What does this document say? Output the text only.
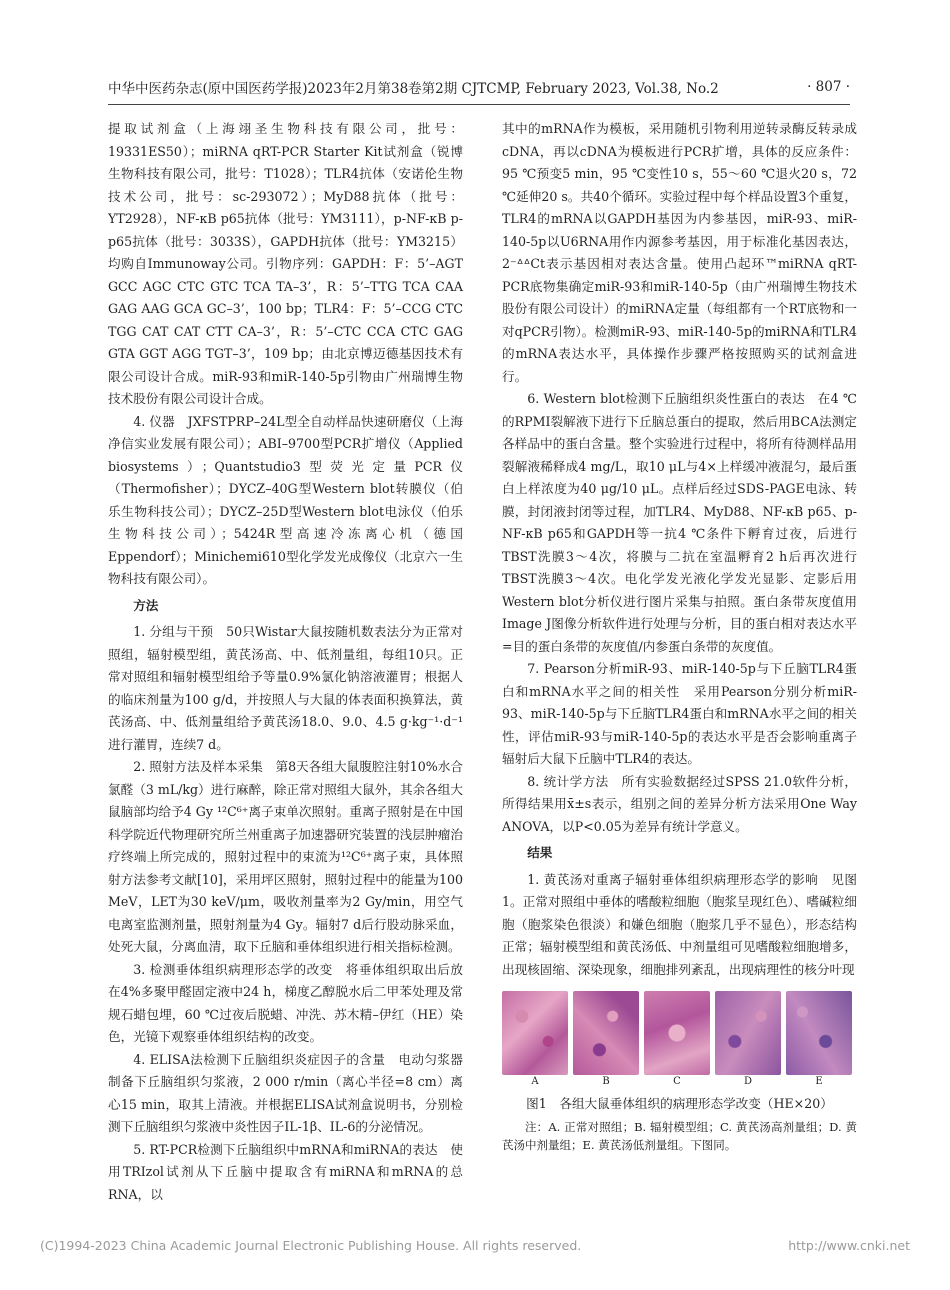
中华中医药杂志(原中国医药学报)2023年2月第38卷第2期 CJTCMP, February 2023, Vol.38, No.2	· 807 ·

提取试剂盒（上海翊圣生物科技有限公司，批号：19331ES50）；miRNA qRT-PCR Starter Kit试剂盒（锐博生物科技有限公司，批号：T1028）；TLR4抗体（安诺伦生物技术公司，批号：sc-293072）；MyD88抗体（批号：YT2928），NF-κB p65抗体（批号：YM3111），p-NF-κB p-p65抗体（批号：3033S），GAPDH抗体（批号：YM3215）均购自Immunoway公司。引物序列：GAPDH：F：5’–AGT GCC AGC CTC GTC TCA TA–3’，R：5’–TTG TCA CAA GAG AAG GCA GC–3’，100 bp；TLR4：F：5’–CCG CTC TGG CAT CAT CTT CA–3’，R：5’–CTC CCA CTC GAG GTA GGT AGG TGT–3’，109 bp；由北京博迈德基因技术有限公司设计合成。miR-93和miR-140-5p引物由广州瑞博生物技术股份有限公司设计合成。

4. 仪器　JXFSTPRP–24L型全自动样品快速研磨仪（上海净信实业发展有限公司）；ABI–9700型PCR扩增仪（Applied biosystems）；Quantstudio3型荧光定量PCR仪（Thermofisher）；DYCZ–40G型Western blot转膜仪（伯乐生物科技公司）；DYCZ–25D型Western blot电泳仪（伯乐生物科技公司）；5424R型高速冷冻离心机（德国Eppendorf）；Minichemi610型化学发光成像仪（北京六一生物科技有限公司）。

方法

1. 分组与干预　50只Wistar大鼠按随机数表法分为正常对照组，辐射模型组，黄芪汤高、中、低剂量组，每组10只。正常对照组和辐射模型组给予等量0.9%氯化钠溶液灌胃；根据人的临床剂量为100 g/d，并按照人与大鼠的体表面积换算法，黄芪汤高、中、低剂量组给予黄芪汤18.0、9.0、4.5 g·kg⁻¹·d⁻¹进行灌胃，连续7 d。

2. 照射方法及样本采集　第8天各组大鼠腹腔注射10%水合氯醛（3 mL/kg）进行麻醉，除正常对照组大鼠外，其余各组大鼠脑部均给予4 Gy ¹²C⁶⁺离子束单次照射。重离子照射是在中国科学院近代物理研究所兰州重离子加速器研究装置的浅层肿瘤治疗终端上所完成的，照射过程中的束流为¹²C⁶⁺离子束，具体照射方法参考文献[10]，采用坪区照射，照射过程中的能量为100 MeV，LET为30 keV/μm，吸收剂量率为2 Gy/min，用空气电离室监测剂量，照射剂量为4 Gy。辐射7 d后行股动脉采血，处死大鼠，分离血清，取下丘脑和垂体组织进行相关指标检测。

3. 检测垂体组织病理形态学的改变　将垂体组织取出后放在4%多聚甲醛固定液中24 h，梯度乙醇脱水后二甲苯处理及常规石蜡包埋，60 ℃过夜后脱蜡、冲洗、苏木精–伊红（HE）染色，光镜下观察垂体组织结构的改变。

4. ELISA法检测下丘脑组织炎症因子的含量　电动匀浆器制备下丘脑组织匀浆液，2 000 r/min（离心半径=8 cm）离心15 min，取其上清液。并根据ELISA试剂盒说明书，分别检测下丘脑组织匀浆液中炎性因子IL-1β、IL-6的分泌情况。

5. RT-PCR检测下丘脑组织中mRNA和miRNA的表达　使用TRIzol试剂从下丘脑中提取含有miRNA和mRNA的总RNA，以

其中的mRNA作为模板，采用随机引物利用逆转录酶反转录成cDNA，再以cDNA为模板进行PCR扩增，具体的反应条件：95 ℃预变5 min，95 ℃变性10 s，55～60 ℃退火20 s，72 ℃延伸20 s。共40个循环。实验过程中每个样品设置3个重复，TLR4的mRNA以GAPDH基因为内参基因，miR-93、miR-140-5p以U6RNA用作内源参考基因，用于标准化基因表达，2⁻ᐞᐞCt表示基因相对表达含量。使用凸起环™miRNA qRT-PCR底物集确定miR-93和miR-140-5p（由广州瑞博生物技术股份有限公司设计）的miRNA定量（每组都有一个RT底物和一对qPCR引物）。检测miR-93、miR-140-5p的miRNA和TLR4的mRNA表达水平，具体操作步骤严格按照购买的试剂盒进行。

6. Western blot检测下丘脑组织炎性蛋白的表达　在4 ℃的RPMI裂解液下进行下丘脑总蛋白的提取，然后用BCA法测定各样品中的蛋白含量。整个实验进行过程中，将所有待测样品用裂解液稀释成4 mg/L，取10 μL与4×上样缓冲液混匀，最后蛋白上样浓度为40 μg/10 μL。点样后经过SDS-PAGE电泳、转膜，封闭液封闭等过程，加TLR4、MyD88、NF-κB p65、p-NF-κB p65和GAPDH等一抗4 ℃条件下孵育过夜，后进行TBST洗膜3～4次，将膜与二抗在室温孵育2 h后再次进行TBST洗膜3～4次。电化学发光液化学发光显影、定影后用Western blot分析仪进行图片采集与拍照。蛋白条带灰度值用Image J图像分析软件进行处理与分析，目的蛋白相对表达水平=目的蛋白条带的灰度值/内参蛋白条带的灰度值。

7. Pearson分析miR-93、miR-140-5p与下丘脑TLR4蛋白和mRNA水平之间的相关性　采用Pearson分别分析miR-93、miR-140-5p与下丘脑TLR4蛋白和mRNA水平之间的相关性，评估miR-93与miR-140-5p的表达水平是否会影响重离子辐射后大鼠下丘脑中TLR4的表达。

8. 统计学方法　所有实验数据经过SPSS 21.0软件分析，所得结果用x̄±s表示，组别之间的差异分析方法采用One Way ANOVA，以P<0.05为差异有统计学意义。

结果

1. 黄芪汤对重离子辐射垂体组织病理形态学的影响　见图1。正常对照组中垂体的嗜酸粒细胞（胞浆呈现红色）、嗜碱粒细胞（胞浆染色很淡）和嫌色细胞（胞浆几乎不显色），形态结构正常；辐射模型组和黄芪汤低、中剂量组可见嗜酸粒细胞增多，出现核固缩、深染现象，细胞排列紊乱，出现病理性的核分叶现

A	B	C	D	E
图1　各组大鼠垂体组织的病理形态学改变（HE×20）
注：A. 正常对照组；B. 辐射模型组；C. 黄芪汤高剂量组；D. 黄芪汤中剂量组；E. 黄芪汤低剂量组。下图同。
(C)1994-2023 China Academic Journal Electronic Publishing House. All rights reserved.	http://www.cnki.net
